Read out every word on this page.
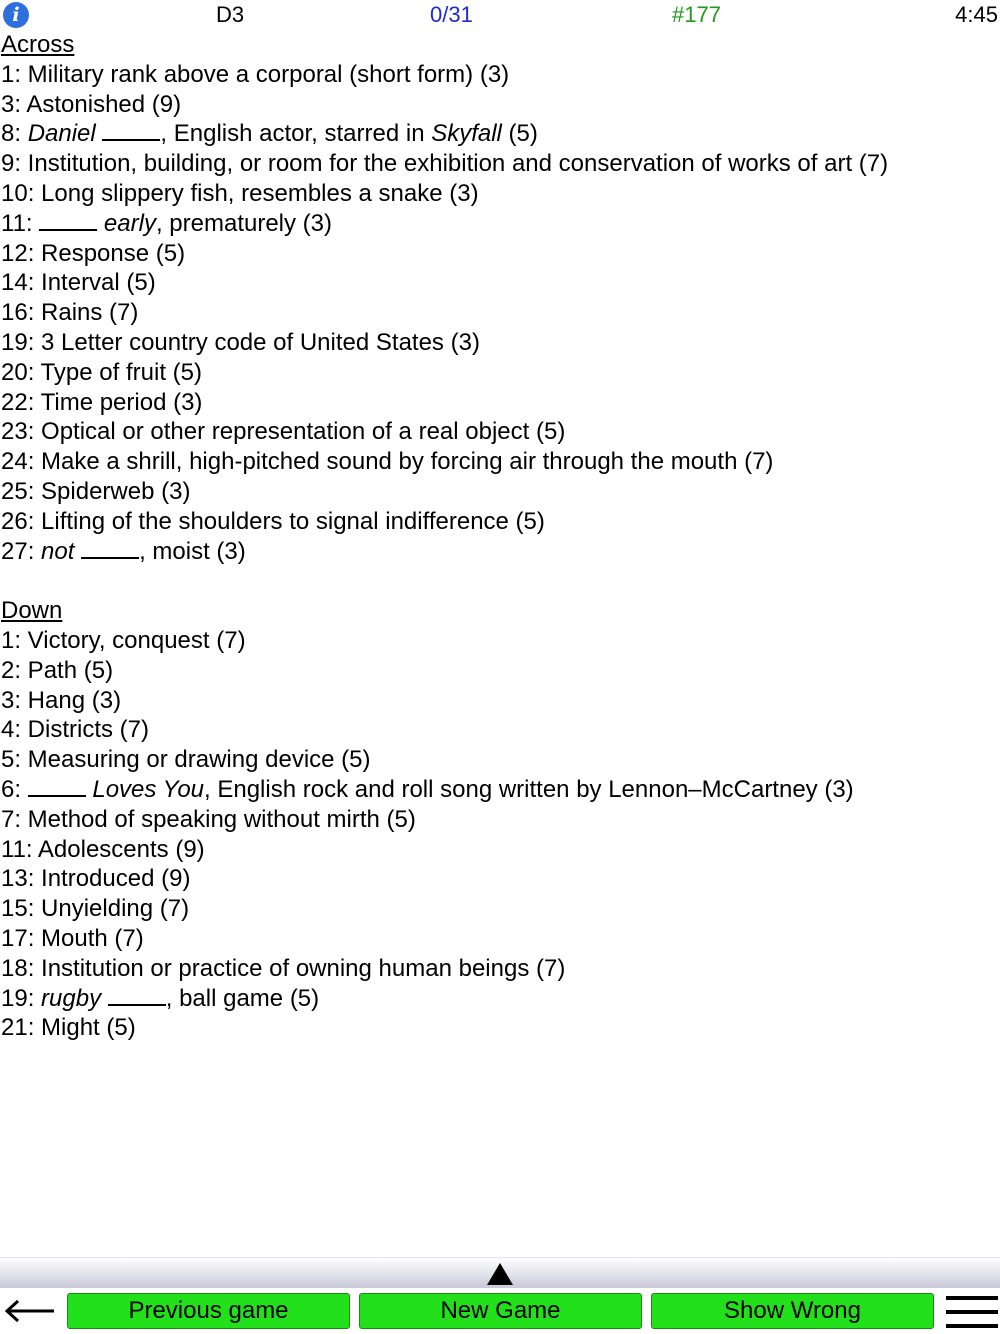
i	D3	0/31	#177	4:45
Across
1: Military rank above a corporal (short form) (3)
3: Astonished (9)
8: Daniel	, English actor, starred in Skyfall (5)
9: Institution, building, or room for the exhibition and conservation of works of art (7)
10: Long slippery fish, resembles a snake (3)
11:	early, prematurely (3)
12: Response (5)
14: Interval (5)
16: Rains (7)
19: 3 Letter country code of United States (3)
20: Type of fruit (5)
22: Time period (3)
23: Optical or other representation of a real object (5)
24: Make a shrill, high-pitched sound by forcing air through the mouth (7)
25: Spiderweb (3)
26: Lifting of the shoulders to signal indifference (5)
27: not	, moist (3)
Down
1: Victory, conquest (7)
2: Path (5)
3: Hang (3)
4: Districts (7)
5: Measuring or drawing device (5)
6:	Loves You, English rock and roll song written by Lennon–McCartney (3)
7: Method of speaking without mirth (5)
11: Adolescents (9)
13: Introduced (9)
15: Unyielding (7)
17: Mouth (7)
18: Institution or practice of owning human beings (7)
19: rugby	, ball game (5)
21: Might (5)
Previous game	New Game	Show Wrong
